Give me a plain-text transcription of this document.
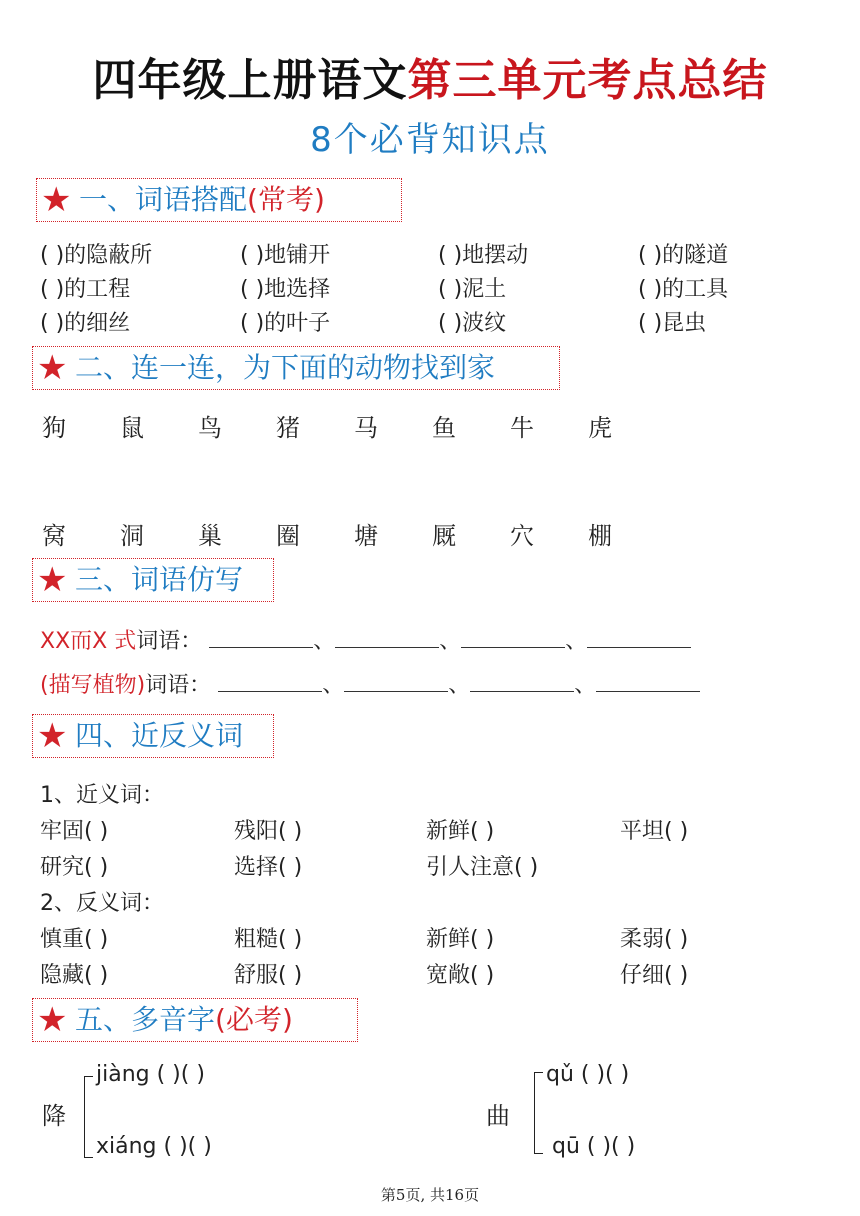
四年级上册语文第三单元考点总结
8个必背知识点
★ 一、词语搭配(常考)
( )的隐蔽所	( )地铺开	( )地摆动	( )的隧道
( )的工程	( )地选择	( )泥土	( )的工具
( )的细丝	( )的叶子	( )波纹	( )昆虫
★ 二、连一连，为下面的动物找到家
狗 鼠 鸟 猪 马 鱼 牛 虎
窝 洞 巢 圈 塘 厩 穴 棚
★ 三、词语仿写
XX而X 式词语：	、	、	、
(描写植物)词语：	、	、	、
★ 四、近反义词
1、近义词：
牢固( )	残阳( )	新鲜( )	平坦( )
研究( )	选择( )	引人注意( )
2、反义词：
慎重( )	粗糙( )	新鲜( )	柔弱( )
隐藏( )	舒服( )	宽敞( )	仔细( )
★ 五、多音字(必考)
降
jiàng ( )( )
xiáng ( )( )
曲
qǔ ( )( )
qū ( )( )
第5页, 共16页
